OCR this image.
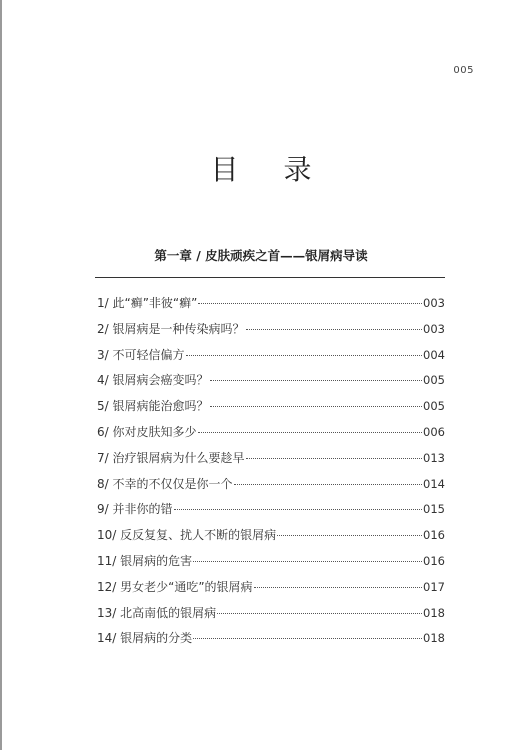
005
目 录
第一章 / 皮肤顽疾之首——银屑病导读
1/ 此“癣”非彼“癣”	003
2/ 银屑病是一种传染病吗？	003
3/ 不可轻信偏方	004
4/ 银屑病会癌变吗？	005
5/ 银屑病能治愈吗？	005
6/ 你对皮肤知多少	006
7/ 治疗银屑病为什么要趁早	013
8/ 不幸的不仅仅是你一个	014
9/ 并非你的错	015
10/ 反反复复、扰人不断的银屑病	016
11/ 银屑病的危害	016
12/ 男女老少“通吃”的银屑病	017
13/ 北高南低的银屑病	018
14/ 银屑病的分类	018
